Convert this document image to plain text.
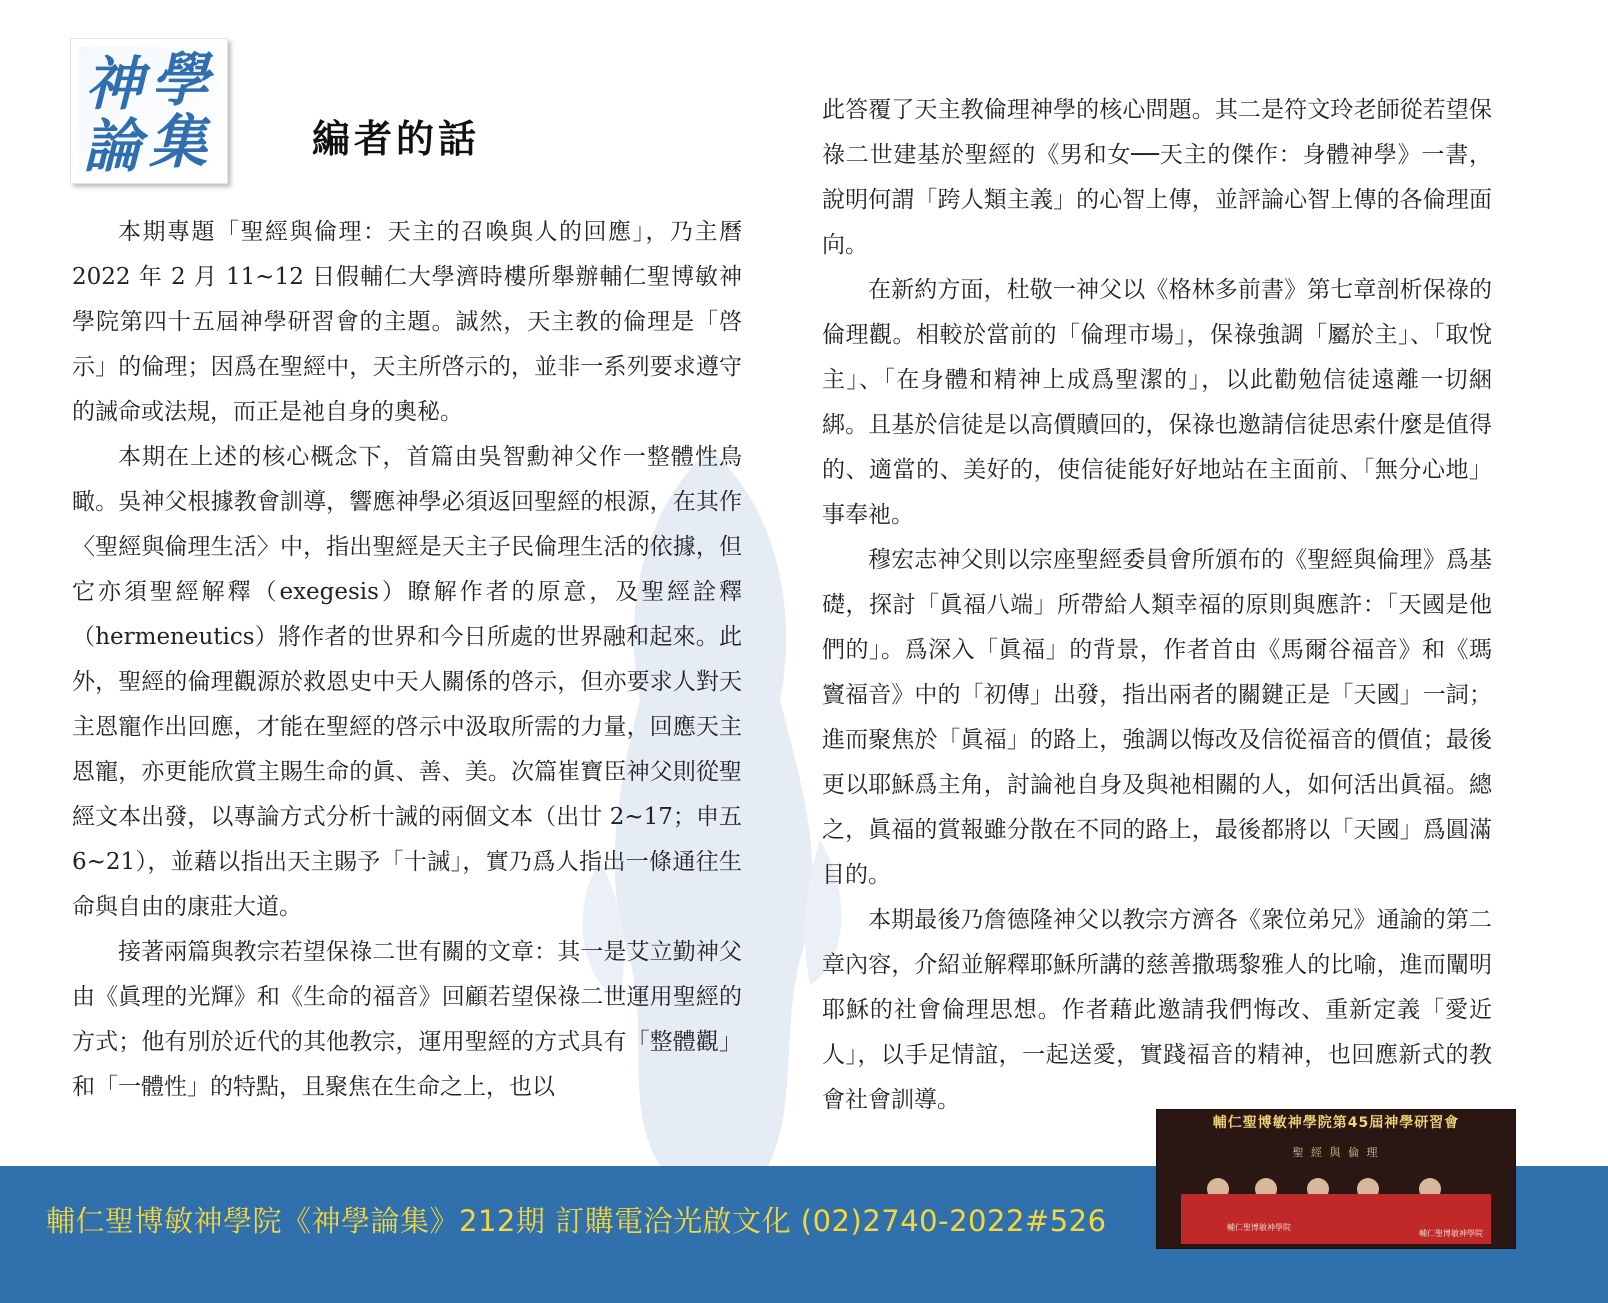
神 學
論 集	編者的話

本期專題「聖經與倫理：天主的召喚與人的回應」，乃主曆 2022 年 2 月 11~12 日假輔仁大學濟時樓所舉辦輔仁聖博敏神學院第四十五屆神學研習會的主題。誠然，天主教的倫理是「啓示」的倫理；因爲在聖經中，天主所啓示的，並非一系列要求遵守的誡命或法規，而正是祂自身的奧秘。

本期在上述的核心概念下，首篇由吳智勳神父作一整體性鳥瞰。吳神父根據教會訓導，響應神學必須返回聖經的根源，在其作〈聖經與倫理生活〉中，指出聖經是天主子民倫理生活的依據，但它亦須聖經解釋（exegesis）瞭解作者的原意，及聖經詮釋（hermeneutics）將作者的世界和今日所處的世界融和起來。此外，聖經的倫理觀源於救恩史中天人關係的啓示，但亦要求人對天主恩寵作出回應，才能在聖經的啓示中汲取所需的力量，回應天主恩寵，亦更能欣賞主賜生命的眞、善、美。次篇崔寶臣神父則從聖經文本出發，以專論方式分析十誡的兩個文本（出廿 2~17；申五 6~21），並藉以指出天主賜予「十誡」，實乃爲人指出一條通往生命與自由的康莊大道。

接著兩篇與教宗若望保祿二世有關的文章：其一是艾立勤神父由《眞理的光輝》和《生命的福音》回顧若望保祿二世運用聖經的方式；他有別於近代的其他教宗，運用聖經的方式具有「整體觀」和「一體性」的特點，且聚焦在生命之上，也以

此答覆了天主教倫理神學的核心問題。其二是符文玲老師從若望保祿二世建基於聖經的《男和女──天主的傑作：身體神學》一書，說明何謂「跨人類主義」的心智上傳，並評論心智上傳的各倫理面向。

在新約方面，杜敬一神父以《格林多前書》第七章剖析保祿的倫理觀。相較於當前的「倫理市場」，保祿強調「屬於主」、「取悅主」、「在身體和精神上成爲聖潔的」，以此勸勉信徒遠離一切綑綁。且基於信徒是以高價贖回的，保祿也邀請信徒思索什麼是值得的、適當的、美好的，使信徒能好好地站在主面前、「無分心地」事奉祂。

穆宏志神父則以宗座聖經委員會所頒布的《聖經與倫理》爲基礎，探討「眞福八端」所帶給人類幸福的原則與應許：「天國是他們的」。爲深入「眞福」的背景，作者首由《馬爾谷福音》和《瑪竇福音》中的「初傳」出發，指出兩者的關鍵正是「天國」一詞；進而聚焦於「眞福」的路上，強調以悔改及信從福音的價值；最後更以耶穌爲主角，討論祂自身及與祂相關的人，如何活出眞福。總之，眞福的賞報雖分散在不同的路上，最後都將以「天國」爲圓滿目的。

本期最後乃詹德隆神父以教宗方濟各《衆位弟兄》通諭的第二章內容，介紹並解釋耶穌所講的慈善撒瑪黎雅人的比喻，進而闡明耶穌的社會倫理思想。作者藉此邀請我們悔改、重新定義「愛近人」，以手足情誼，一起送愛，實踐福音的精神，也回應新式的教會社會訓導。

輔仁聖博敏神學院《神學論集》212期 訂購電洽光啟文化 (02)2740-2022#526
輔仁聖博敏神學院第45屆神學研習會
聖 經 與 倫 理
輔仁聖博敏神學院
輔仁聖博敏神學院
